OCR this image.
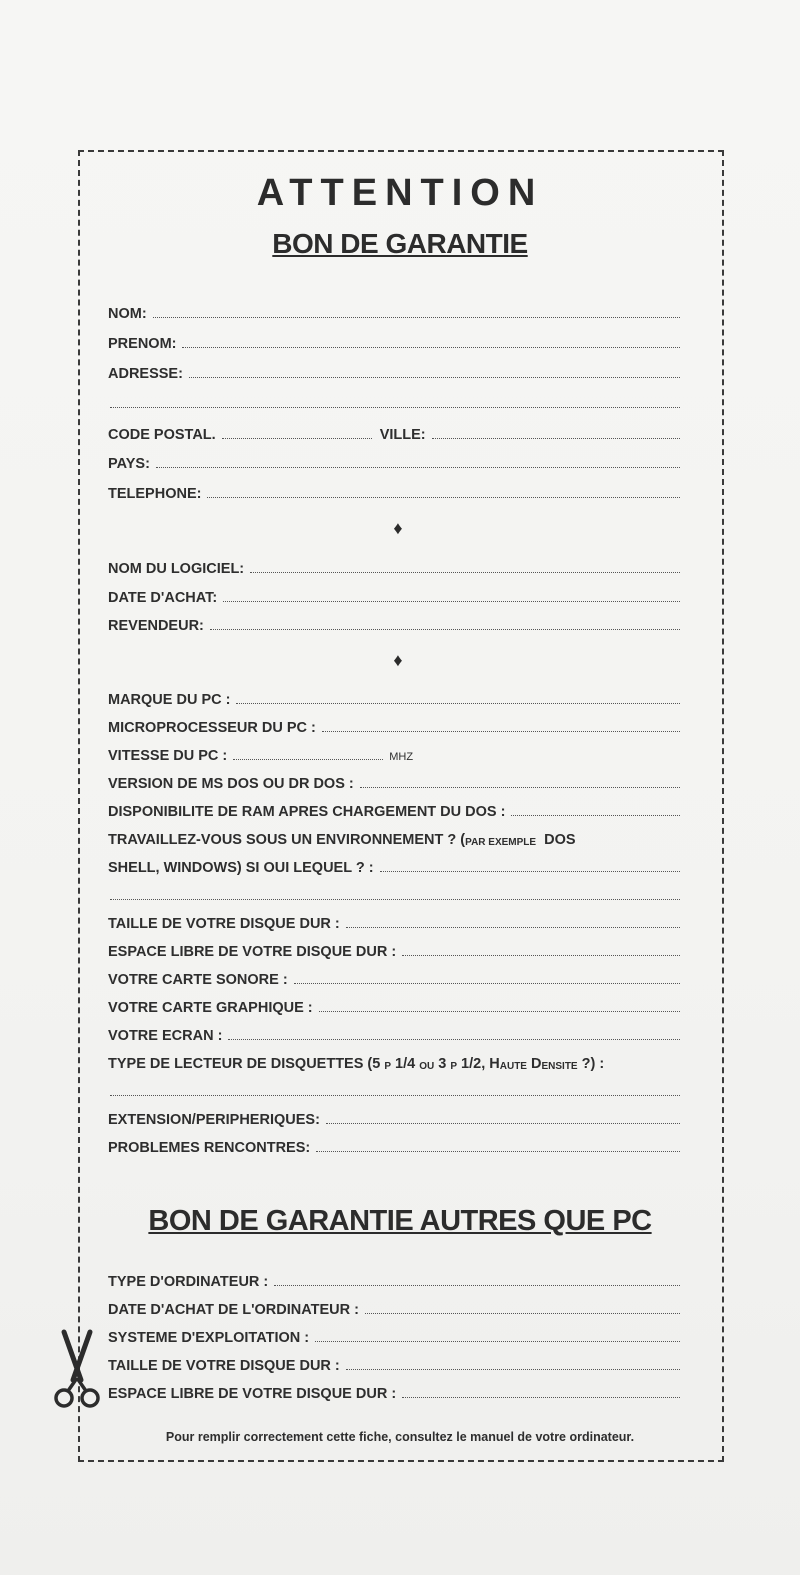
ATTENTION
BON DE GARANTIE
NOM:
PRENOM:
ADRESSE:
CODE POSTAL.	VILLE:
PAYS:
TELEPHONE:
♦
NOM DU LOGICIEL:
DATE D'ACHAT:
REVENDEUR:
♦
MARQUE DU PC :
MICROPROCESSEUR DU PC :
VITESSE DU PC :	MHZ
VERSION DE MS DOS OU DR DOS :
DISPONIBILITE DE RAM APRES CHARGEMENT DU DOS :
TRAVAILLEZ-VOUS SOUS UN ENVIRONNEMENT ? ( PAR EXEMPLE DOS
SHELL, WINDOWS) SI OUI LEQUEL ? :
TAILLE DE VOTRE DISQUE DUR :
ESPACE LIBRE DE VOTRE DISQUE DUR :
VOTRE CARTE SONORE :
VOTRE CARTE GRAPHIQUE :
VOTRE ECRAN :
TYPE DE LECTEUR DE DISQUETTES (5 P 1/4 OU 3 P 1/2, H AUTE D ENSITE ?) :
EXTENSION/PERIPHERIQUES:
PROBLEMES RENCONTRES:
BON DE GARANTIE AUTRES QUE PC
TYPE D'ORDINATEUR :
DATE D'ACHAT DE L'ORDINATEUR :
SYSTEME D'EXPLOITATION :
TAILLE DE VOTRE DISQUE DUR :
ESPACE LIBRE DE VOTRE DISQUE DUR :
Pour remplir correctement cette fiche, consultez le manuel de votre ordinateur.
